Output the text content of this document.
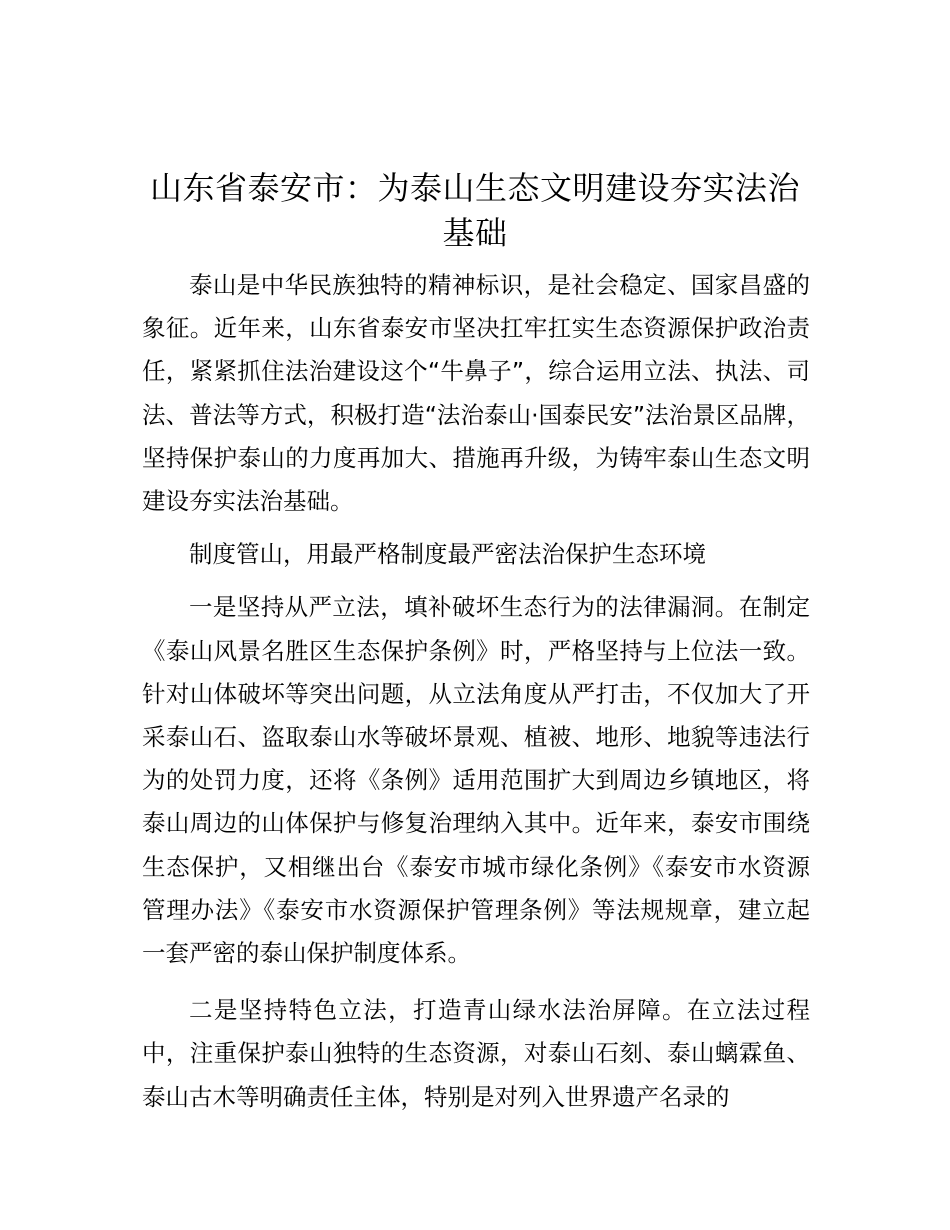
山东省泰安市：为泰山生态文明建设夯实法治基础

泰山是中华民族独特的精神标识，是社会稳定、国家昌盛的象征。近年来，山东省泰安市坚决扛牢扛实生态资源保护政治责任，紧紧抓住法治建设这个“牛鼻子”，综合运用立法、执法、司法、普法等方式，积极打造“法治泰山·国泰民安”法治景区品牌，坚持保护泰山的力度再加大、措施再升级，为铸牢泰山生态文明建设夯实法治基础。

制度管山，用最严格制度最严密法治保护生态环境

一是坚持从严立法，填补破坏生态行为的法律漏洞。在制定《泰山风景名胜区生态保护条例》时，严格坚持与上位法一致。针对山体破坏等突出问题，从立法角度从严打击，不仅加大了开采泰山石、盗取泰山水等破坏景观、植被、地形、地貌等违法行为的处罚力度，还将《条例》适用范围扩大到周边乡镇地区，将泰山周边的山体保护与修复治理纳入其中。近年来，泰安市围绕生态保护，又相继出台《泰安市城市绿化条例》《泰安市水资源管理办法》《泰安市水资源保护管理条例》等法规规章，建立起一套严密的泰山保护制度体系。

二是坚持特色立法，打造青山绿水法治屏障。在立法过程中，注重保护泰山独特的生态资源，对泰山石刻、泰山螭霖鱼、泰山古木等明确责任主体，特别是对列入世界遗产名录的
